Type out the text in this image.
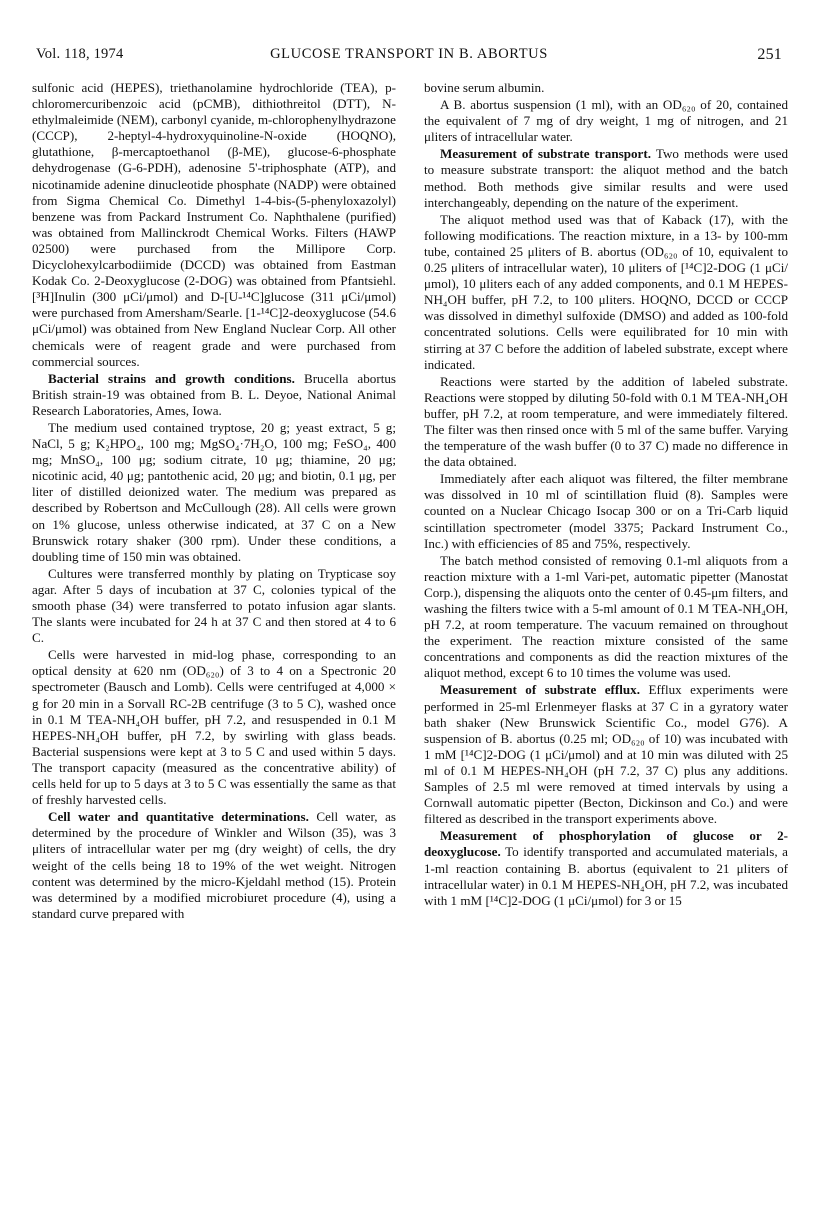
Vol. 118, 1974	GLUCOSE TRANSPORT IN B. ABORTUS	251

sulfonic acid (HEPES), triethanolamine hydrochloride (TEA), p-chloromercuribenzoic acid (pCMB), dithiothreitol (DTT), N-ethylmaleimide (NEM), carbonyl cyanide, m-chlorophenylhydrazone (CCCP), 2-heptyl-4-hydroxyquinoline-N-oxide (HOQNO), glutathione, β-mercaptoethanol (β-ME), glucose-6-phosphate dehydrogenase (G-6-PDH), adenosine 5'-triphosphate (ATP), and nicotinamide adenine dinucleotide phosphate (NADP) were obtained from Sigma Chemical Co. Dimethyl 1-4-bis-(5-phenyloxazolyl) benzene was from Packard Instrument Co. Naphthalene (purified) was obtained from Mallinckrodt Chemical Works. Filters (HAWP 02500) were purchased from the Millipore Corp. Dicyclohexylcarbodiimide (DCCD) was obtained from Eastman Kodak Co. 2-Deoxyglucose (2-DOG) was obtained from Pfantsiehl. [³H]Inulin (300 μCi/μmol) and D-[U-¹⁴C]glucose (311 μCi/μmol) were purchased from Amersham/Searle. [1-¹⁴C]2-deoxyglucose (54.6 μCi/μmol) was obtained from New England Nuclear Corp. All other chemicals were of reagent grade and were purchased from commercial sources.

Bacterial strains and growth conditions. Brucella abortus British strain-19 was obtained from B. L. Deyoe, National Animal Research Laboratories, Ames, Iowa.

The medium used contained tryptose, 20 g; yeast extract, 5 g; NaCl, 5 g; K₂HPO₄, 100 mg; MgSO₄·7H₂O, 100 mg; FeSO₄, 400 mg; MnSO₄, 100 μg; sodium citrate, 10 μg; thiamine, 20 μg; nicotinic acid, 40 μg; pantothenic acid, 20 μg; and biotin, 0.1 μg, per liter of distilled deionized water. The medium was prepared as described by Robertson and McCullough (28). All cells were grown on 1% glucose, unless otherwise indicated, at 37 C on a New Brunswick rotary shaker (300 rpm). Under these conditions, a doubling time of 150 min was obtained.

Cultures were transferred monthly by plating on Trypticase soy agar. After 5 days of incubation at 37 C, colonies typical of the smooth phase (34) were transferred to potato infusion agar slants. The slants were incubated for 24 h at 37 C and then stored at 4 to 6 C.

Cells were harvested in mid-log phase, corresponding to an optical density at 620 nm (OD₆₂₀) of 3 to 4 on a Spectronic 20 spectrometer (Bausch and Lomb). Cells were centrifuged at 4,000 × g for 20 min in a Sorvall RC-2B centrifuge (3 to 5 C), washed once in 0.1 M TEA-NH₄OH buffer, pH 7.2, and resuspended in 0.1 M HEPES-NH₄OH buffer, pH 7.2, by swirling with glass beads. Bacterial suspensions were kept at 3 to 5 C and used within 5 days. The transport capacity (measured as the concentrative ability) of cells held for up to 5 days at 3 to 5 C was essentially the same as that of freshly harvested cells.

Cell water and quantitative determinations. Cell water, as determined by the procedure of Winkler and Wilson (35), was 3 μliters of intracellular water per mg (dry weight) of cells, the dry weight of the cells being 18 to 19% of the wet weight. Nitrogen content was determined by the micro-Kjeldahl method (15). Protein was determined by a modified microbiuret procedure (4), using a standard curve prepared with

bovine serum albumin.

A B. abortus suspension (1 ml), with an OD₆₂₀ of 20, contained the equivalent of 7 mg of dry weight, 1 mg of nitrogen, and 21 μliters of intracellular water.

Measurement of substrate transport. Two methods were used to measure substrate transport: the aliquot method and the batch method. Both methods give similar results and were used interchangeably, depending on the nature of the experiment.

The aliquot method used was that of Kaback (17), with the following modifications. The reaction mixture, in a 13- by 100-mm tube, contained 25 μliters of B. abortus (OD₆₂₀ of 10, equivalent to 0.25 μliters of intracellular water), 10 μliters of [¹⁴C]2-DOG (1 μCi/μmol), 10 μliters each of any added components, and 0.1 M HEPES-NH₄OH buffer, pH 7.2, to 100 μliters. HOQNO, DCCD or CCCP was dissolved in dimethyl sulfoxide (DMSO) and added as 100-fold concentrated solutions. Cells were equilibrated for 10 min with stirring at 37 C before the addition of labeled substrate, except where indicated.

Reactions were started by the addition of labeled substrate. Reactions were stopped by diluting 50-fold with 0.1 M TEA-NH₄OH buffer, pH 7.2, at room temperature, and were immediately filtered. The filter was then rinsed once with 5 ml of the same buffer. Varying the temperature of the wash buffer (0 to 37 C) made no difference in the data obtained.

Immediately after each aliquot was filtered, the filter membrane was dissolved in 10 ml of scintillation fluid (8). Samples were counted on a Nuclear Chicago Isocap 300 or on a Tri-Carb liquid scintillation spectrometer (model 3375; Packard Instrument Co., Inc.) with efficiencies of 85 and 75%, respectively.

The batch method consisted of removing 0.1-ml aliquots from a reaction mixture with a 1-ml Vari-pet, automatic pipetter (Manostat Corp.), dispensing the aliquots onto the center of 0.45-μm filters, and washing the filters twice with a 5-ml amount of 0.1 M TEA-NH₄OH, pH 7.2, at room temperature. The vacuum remained on throughout the experiment. The reaction mixture consisted of the same concentrations and components as did the reaction mixtures of the aliquot method, except 6 to 10 times the volume was used.

Measurement of substrate efflux. Efflux experiments were performed in 25-ml Erlenmeyer flasks at 37 C in a gyratory water bath shaker (New Brunswick Scientific Co., model G76). A suspension of B. abortus (0.25 ml; OD₆₂₀ of 10) was incubated with 1 mM [¹⁴C]2-DOG (1 μCi/μmol) and at 10 min was diluted with 25 ml of 0.1 M HEPES-NH₄OH (pH 7.2, 37 C) plus any additions. Samples of 2.5 ml were removed at timed intervals by using a Cornwall automatic pipetter (Becton, Dickinson and Co.) and were filtered as described in the transport experiments above.

Measurement of phosphorylation of glucose or 2-deoxyglucose. To identify transported and accumulated materials, a 1-ml reaction containing B. abortus (equivalent to 21 μliters of intracellular water) in 0.1 M HEPES-NH₄OH, pH 7.2, was incubated with 1 mM [¹⁴C]2-DOG (1 μCi/μmol) for 3 or 15
